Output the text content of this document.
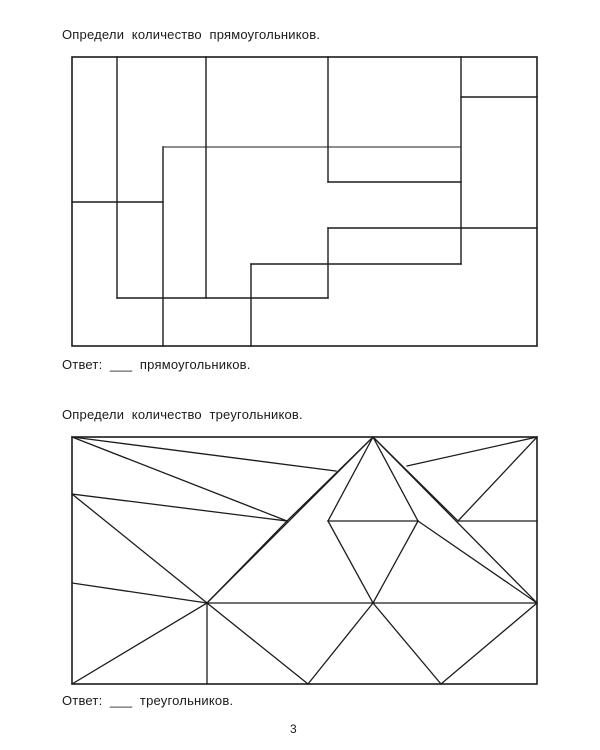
Определи  количество  прямоугольников.
Ответ:  ___  прямоугольников.
Определи  количество  треугольников.
Ответ:  ___  треугольников.
3
